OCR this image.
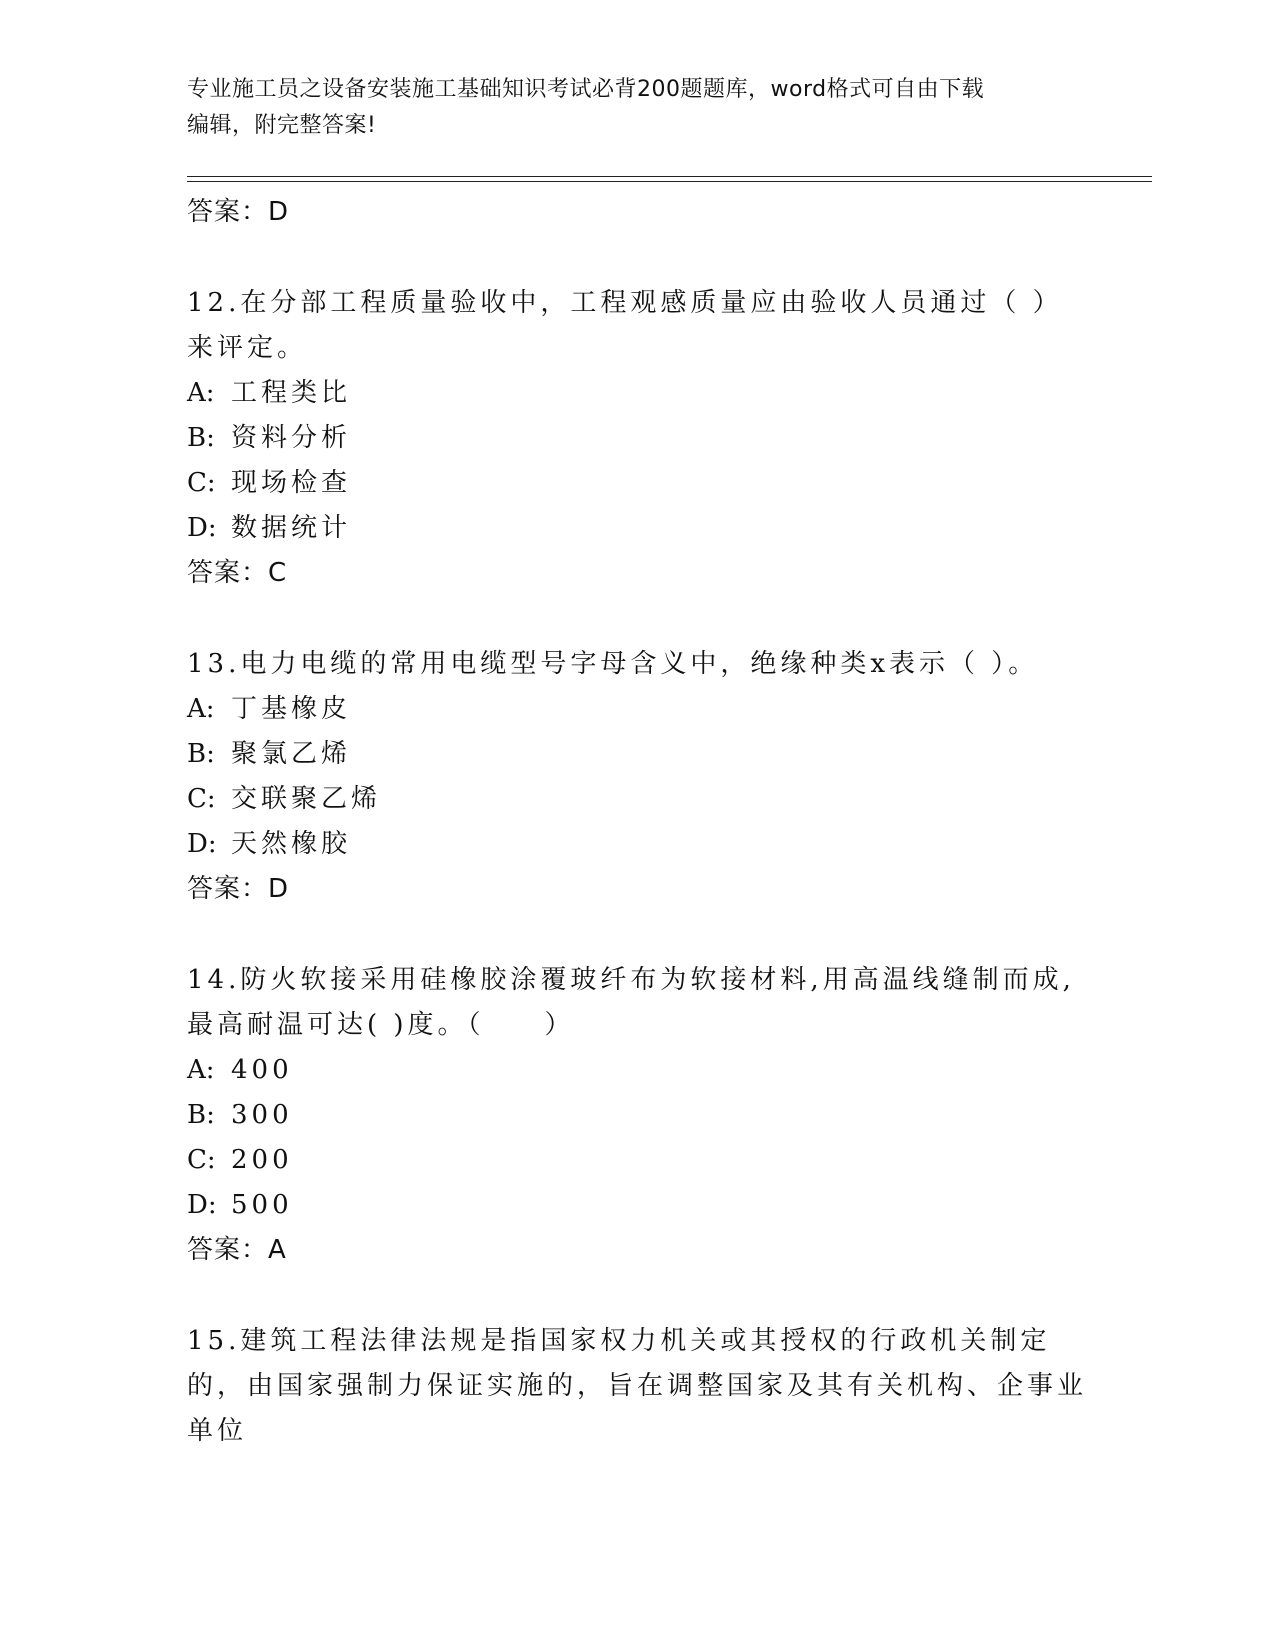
专业施工员之设备安装施工基础知识考试必背200题题库，word格式可自由下载
编辑，附完整答案!
答案：D
12.在分部工程质量验收中，工程观感质量应由验收人员通过（ ）来评定。
A: 工程类比
B: 资料分析
C: 现场检查
D: 数据统计
答案：C
13.电力电缆的常用电缆型号字母含义中，绝缘种类x表示（ ）。
A: 丁基橡皮
B: 聚氯乙烯
C: 交联聚乙烯
D: 天然橡胶
答案：D
14.防火软接采用硅橡胶涂覆玻纤布为软接材料,用高温线缝制而成,最高耐温可达( )度。（　　）
A: 400
B: 300
C: 200
D: 500
答案：A
15.建筑工程法律法规是指国家权力机关或其授权的行政机关制定的，由国家强制力保证实施的，旨在调整国家及其有关机构、企事业单位
